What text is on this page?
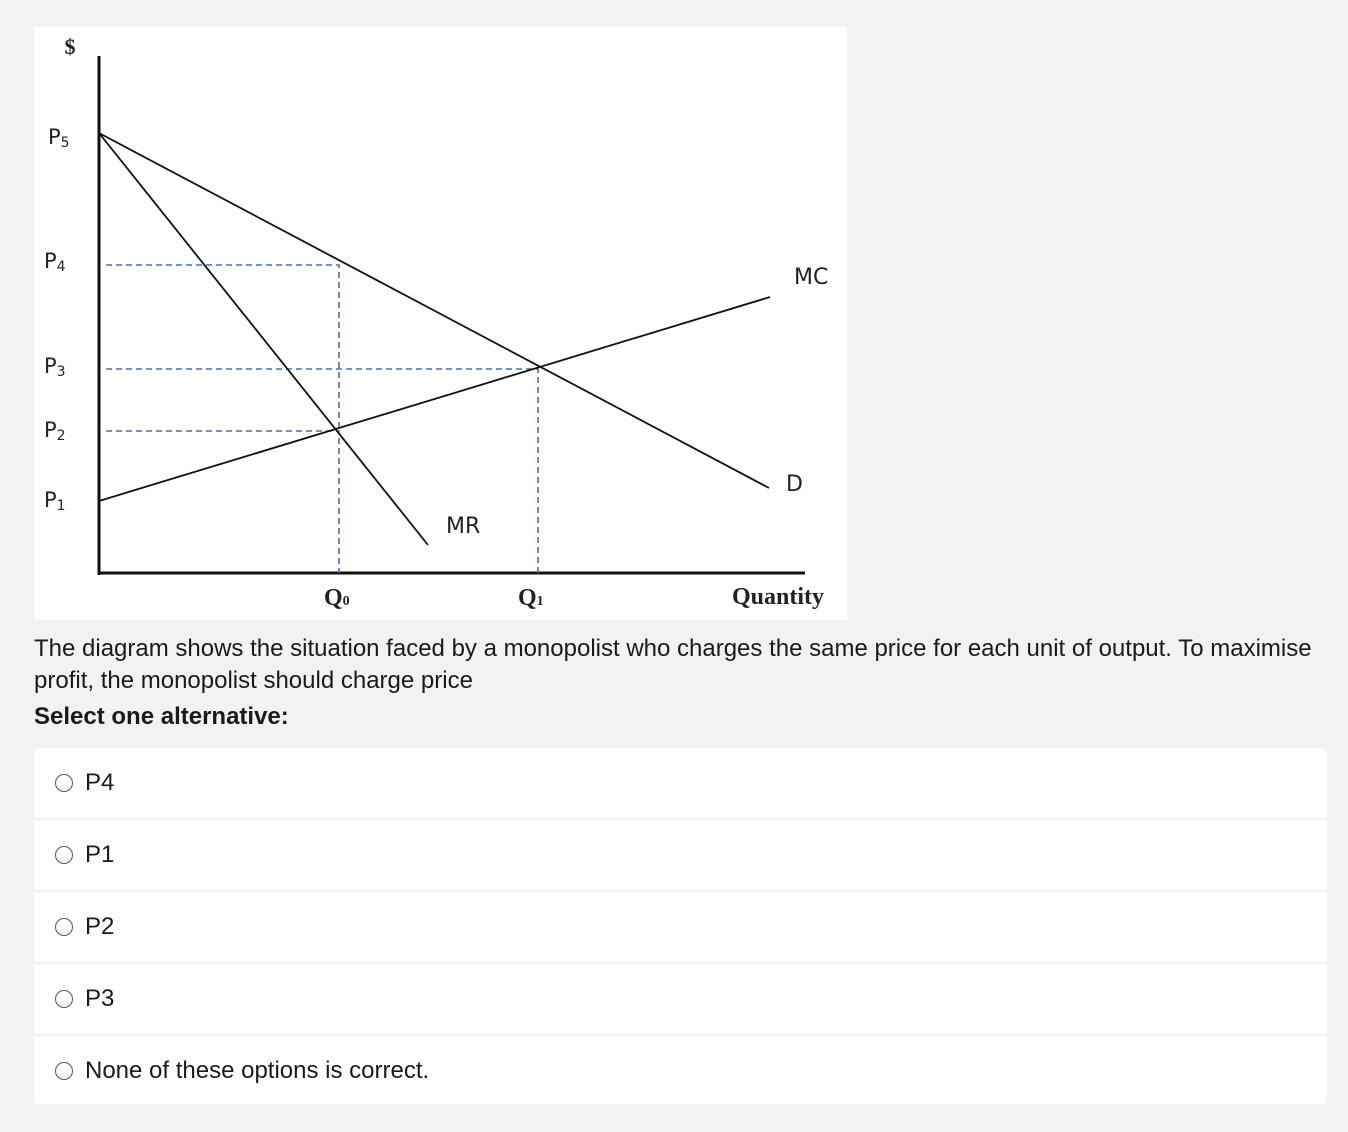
$
P5
P4
P3
P2
P1
MC
D
MR
Q0	Q1	Quantity
The diagram shows the situation faced by a monopolist who charges the same price for each unit of output. To maximise profit, the monopolist should charge price
Select one alternative:
P4
P1
P2
P3
None of these options is correct.
